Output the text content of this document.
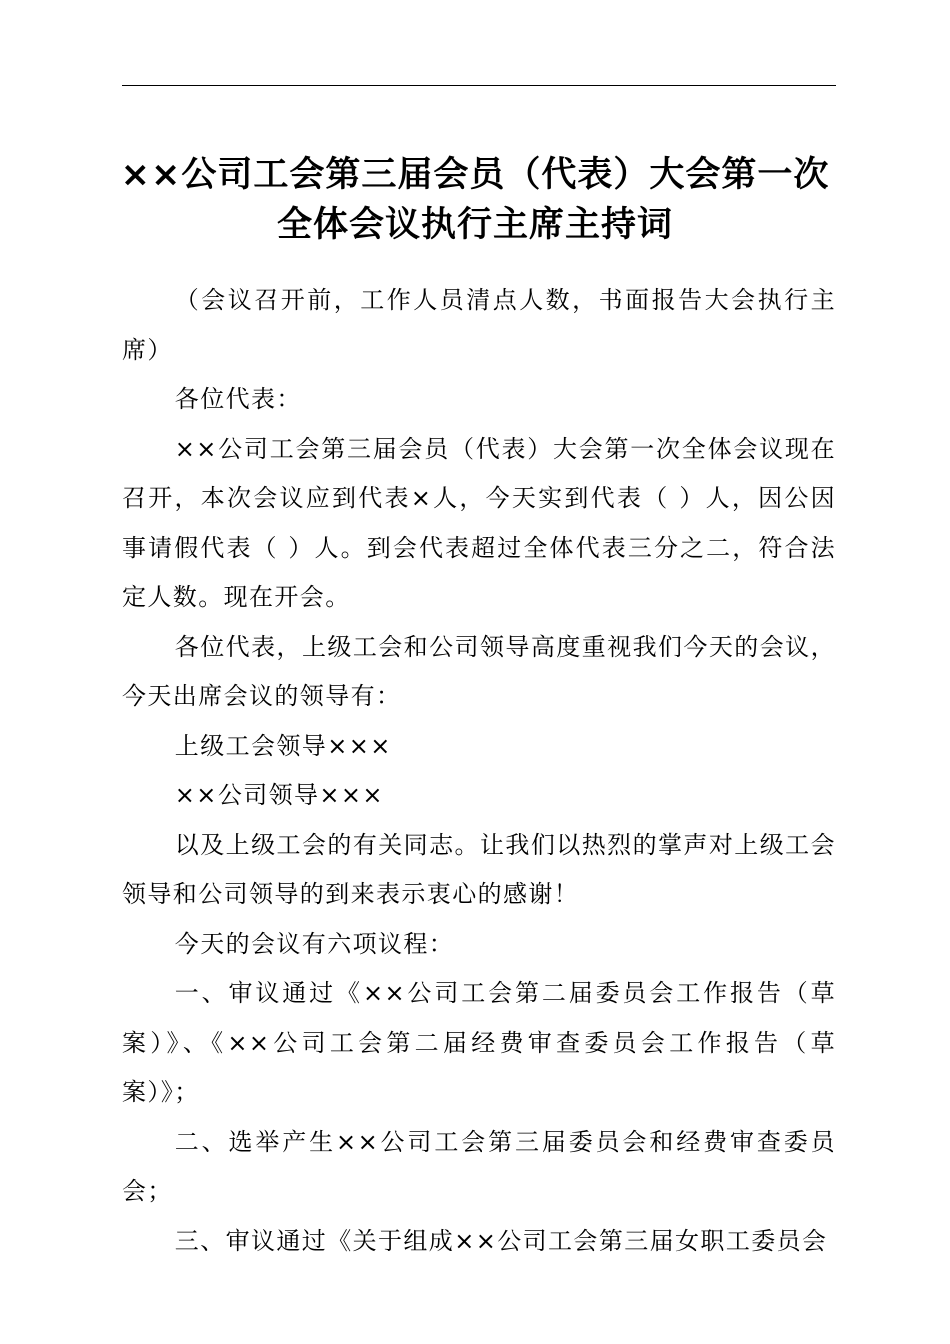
××公司工会第三届会员（代表）大会第一次
全体会议执行主席主持词

（会议召开前，工作人员清点人数，书面报告大会执行主席）

各位代表：

××公司工会第三届会员（代表）大会第一次全体会议现在召开，本次会议应到代表×人，今天实到代表（ ）人，因公因事请假代表（ ）人。到会代表超过全体代表三分之二，符合法定人数。现在开会。

各位代表，上级工会和公司领导高度重视我们今天的会议，今天出席会议的领导有：

上级工会领导×××

××公司领导×××

以及上级工会的有关同志。让我们以热烈的掌声对上级工会领导和公司领导的到来表示衷心的感谢！

今天的会议有六项议程：

一、审议通过《××公司工会第二届委员会工作报告（草案）》、《××公司工会第二届经费审查委员会工作报告（草案）》；

二、选举产生××公司工会第三届委员会和经费审查委员会；

三、审议通过《关于组成××公司工会第三届女职工委员会
